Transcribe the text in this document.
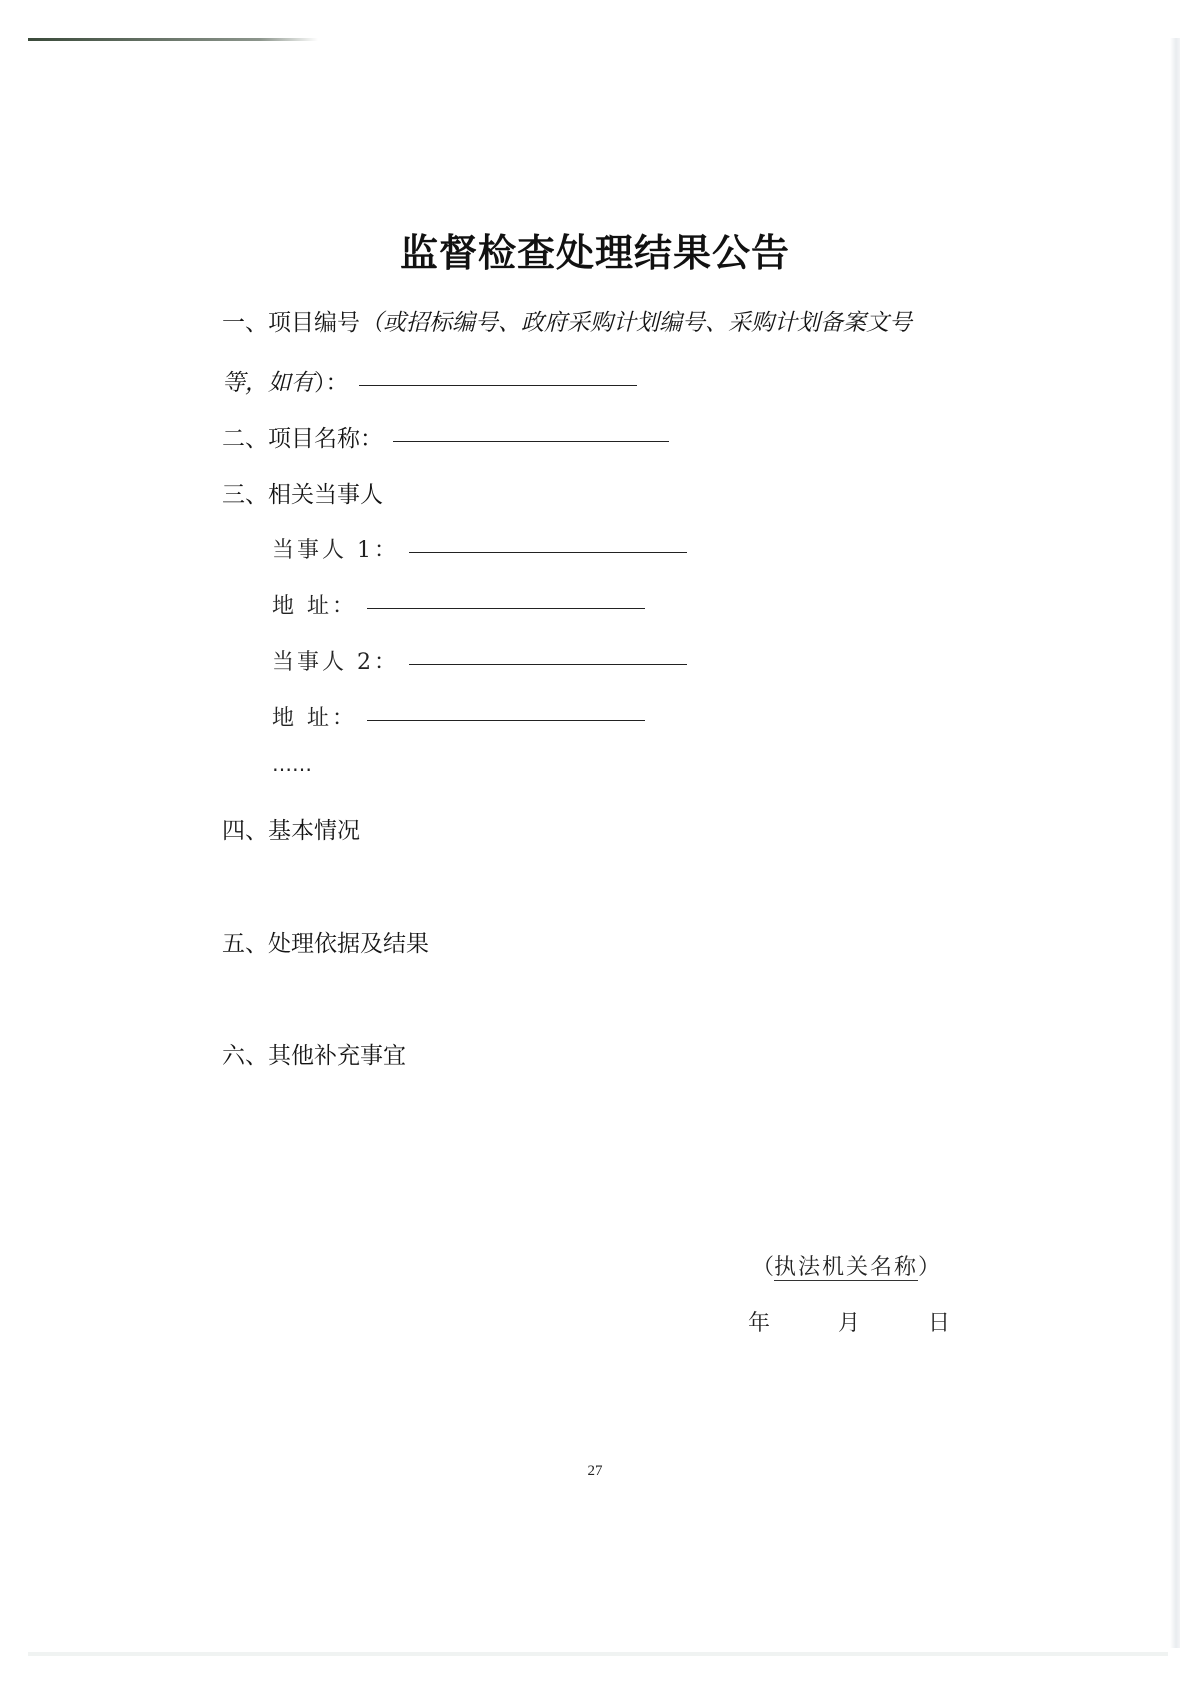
监督检查处理结果公告
一、项目编号 （或招标编号、政府采购计划编号、采购计划备案文号
等，如有 ）：
二、项目名称：
三、相关当事人
当事人 1：
地 址：
当事人 2：
地 址：
……
四、基本情况
五、处理依据及结果
六、其他补充事宜
（执法机关名称）
年	月	日
27
